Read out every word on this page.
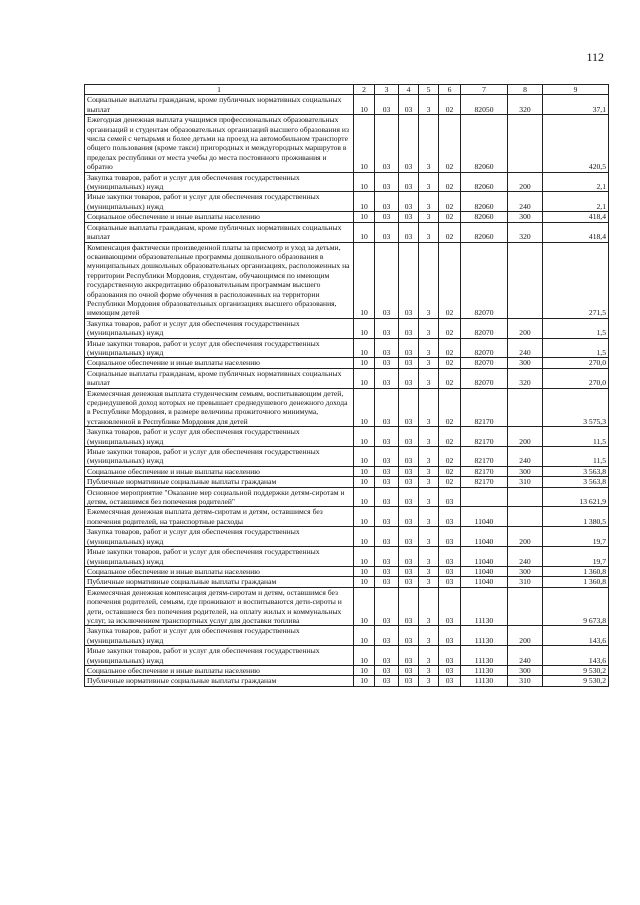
112
1	2	3	4	5	6	7	8	9
Социальные выплаты гражданам, кроме публичных нормативных социальных выплат	10	03	03	3	02	82050	320	37,1
Ежегодная денежная выплата учащимся профессиональных образовательных организаций и студентам образовательных организаций высшего образования из числа семей с четырьмя и более детьми на проезд на автомобильном транспорте общего пользования (кроме такси) пригородных и междугородных маршрутов в пределах республики от места учебы до места постоянного проживания и обратно	10	03	03	3	02	82060		420,5
Закупка товаров, работ и услуг для обеспечения государственных (муниципальных) нужд	10	03	03	3	02	82060	200	2,1
Иные закупки товаров, работ и услуг для обеспечения государственных (муниципальных) нужд	10	03	03	3	02	82060	240	2,1
Социальное обеспечение и иные выплаты населению	10	03	03	3	02	82060	300	418,4
Социальные выплаты гражданам, кроме публичных нормативных социальных выплат	10	03	03	3	02	82060	320	418,4
Компенсация фактически произведенной платы за присмотр и уход за детьми, осваивающими образовательные программы дошкольного образования в муниципальных дошкольных образовательных организациях, расположенных на территории Республики Мордовия, студентам, обучающимся по имеющим государственную аккредитацию образовательным программам высшего образования по очной форме обучения в расположенных на территории Республики Мордовия образовательных организациях высшего образования, имеющим детей	10	03	03	3	02	82070		271,5
Закупка товаров, работ и услуг для обеспечения государственных (муниципальных) нужд	10	03	03	3	02	82070	200	1,5
Иные закупки товаров, работ и услуг для обеспечения государственных (муниципальных) нужд	10	03	03	3	02	82070	240	1,5
Социальное обеспечение и иные выплаты населению	10	03	03	3	02	82070	300	270,0
Социальные выплаты гражданам, кроме публичных нормативных социальных выплат	10	03	03	3	02	82070	320	270,0
Ежемесячная денежная выплата студенческим семьям, воспитывающим детей, среднедушевой доход которых не превышает среднедушевого денежного дохода в Республике Мордовия, в размере величины прожиточного минимума, установленной в Республике Мордовия для детей	10	03	03	3	02	82170		3 575,3
Закупка товаров, работ и услуг для обеспечения государственных (муниципальных) нужд	10	03	03	3	02	82170	200	11,5
Иные закупки товаров, работ и услуг для обеспечения государственных (муниципальных) нужд	10	03	03	3	02	82170	240	11,5
Социальное обеспечение и иные выплаты населению	10	03	03	3	02	82170	300	3 563,8
Публичные нормативные социальные выплаты гражданам	10	03	03	3	02	82170	310	3 563,8
Основное мероприятие "Оказание мер социальной поддержки детям-сиротам и детям, оставшимся без попечения родителей"	10	03	03	3	03			13 621,9
Ежемесячная денежная выплата детям-сиротам и детям, оставшимся без попечения родителей, на транспортные расходы	10	03	03	3	03	11040		1 380,5
Закупка товаров, работ и услуг для обеспечения государственных (муниципальных) нужд	10	03	03	3	03	11040	200	19,7
Иные закупки товаров, работ и услуг для обеспечения государственных (муниципальных) нужд	10	03	03	3	03	11040	240	19,7
Социальное обеспечение и иные выплаты населению	10	03	03	3	03	11040	300	1 360,8
Публичные нормативные социальные выплаты гражданам	10	03	03	3	03	11040	310	1 360,8
Ежемесячная денежная компенсация детям-сиротам и детям, оставшимся без попечения родителей, семьям, где проживают и воспитываются дети-сироты и дети, оставшиеся без попечения родителей, на оплату жилых и коммунальных услуг, за исключением транспортных услуг для доставки топлива	10	03	03	3	03	11130		9 673,8
Закупка товаров, работ и услуг для обеспечения государственных (муниципальных) нужд	10	03	03	3	03	11130	200	143,6
Иные закупки товаров, работ и услуг для обеспечения государственных (муниципальных) нужд	10	03	03	3	03	11130	240	143,6
Социальное обеспечение и иные выплаты населению	10	03	03	3	03	11130	300	9 530,2
Публичные нормативные социальные выплаты гражданам	10	03	03	3	03	11130	310	9 530,2
